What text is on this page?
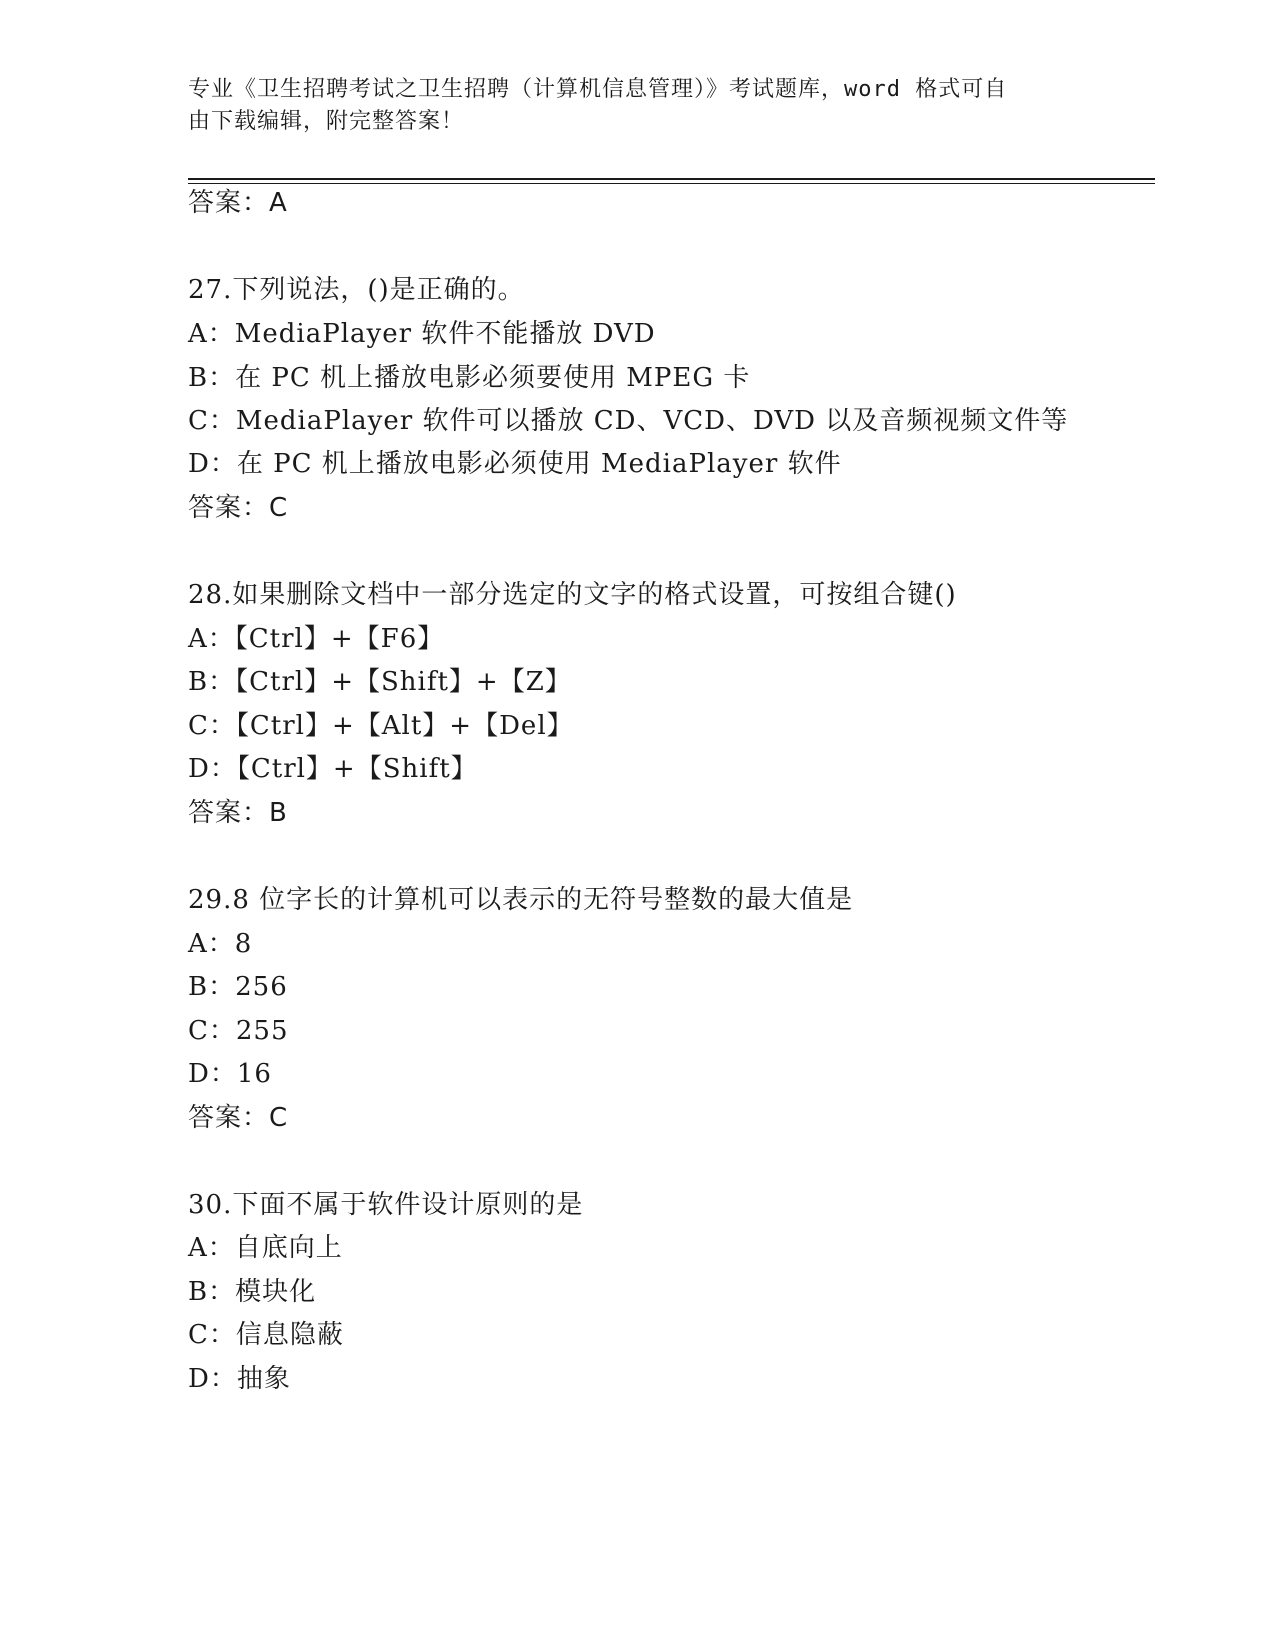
专业《卫生招聘考试之卫生招聘（计算机信息管理）》考试题库，word 格式可自
由下载编辑，附完整答案！
答案：A
27.下列说法，()是正确的。
A：MediaPlayer 软件不能播放 DVD
B：在 PC 机上播放电影必须要使用 MPEG 卡
C：MediaPlayer 软件可以播放 CD、VCD、DVD 以及音频视频文件等
D：在 PC 机上播放电影必须使用 MediaPlayer 软件
答案：C
28.如果删除文档中一部分选定的文字的格式设置，可按组合键()
A：【Ctrl】+【F6】
B：【Ctrl】+【Shift】+【Z】
C：【Ctrl】+【Alt】+【Del】
D：【Ctrl】+【Shift】
答案：B
29.8 位字长的计算机可以表示的无符号整数的最大值是
A：8
B：256
C：255
D：16
答案：C
30.下面不属于软件设计原则的是
A：自底向上
B：模块化
C：信息隐蔽
D：抽象
